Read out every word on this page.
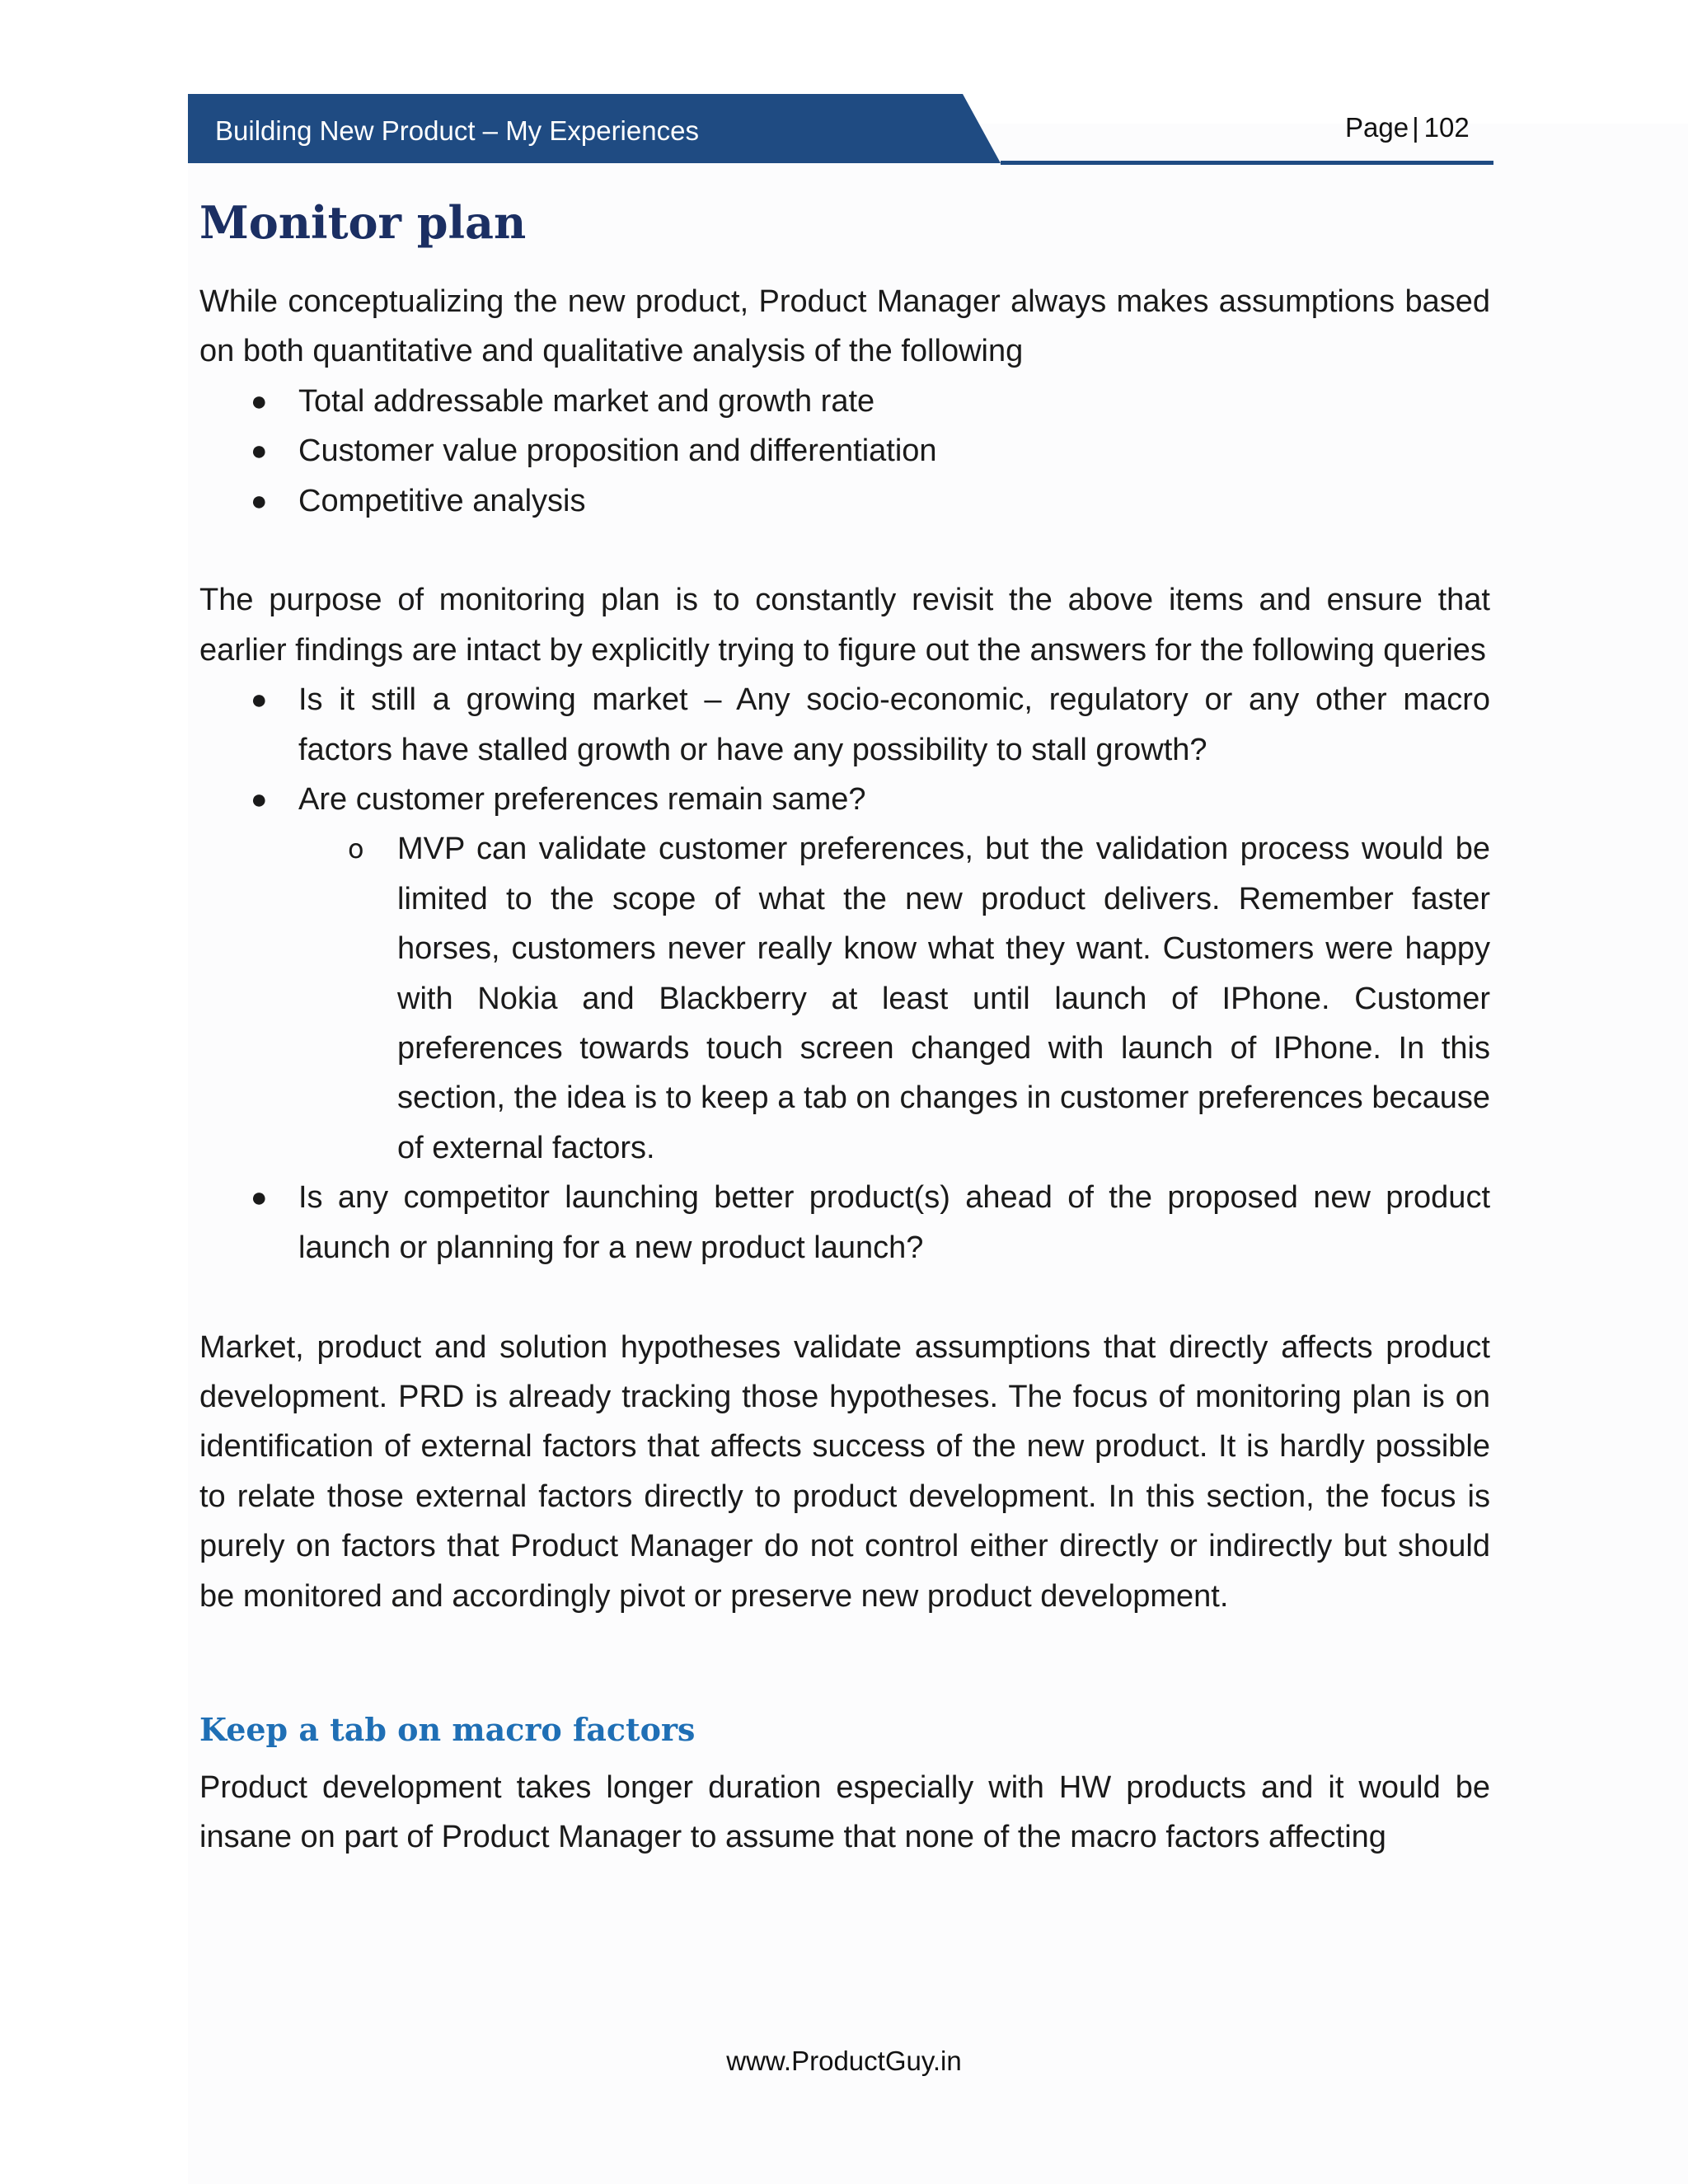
Building New Product – My Experiences	Page | 102
Monitor plan

While conceptualizing the new product, Product Manager always makes assumptions based on both quantitative and qualitative analysis of the following

● Total addressable market and growth rate
● Customer value proposition and differentiation
● Competitive analysis

The purpose of monitoring plan is to constantly revisit the above items and ensure that earlier findings are intact by explicitly trying to figure out the answers for the following queries

● Is it still a growing market – Any socio-economic, regulatory or any other macro factors have stalled growth or have any possibility to stall growth?
● Are customer preferences remain same?
o MVP can validate customer preferences, but the validation process would be limited to the scope of what the new product delivers. Remember faster horses, customers never really know what they want. Customers were happy with Nokia and Blackberry at least until launch of IPhone. Customer preferences towards touch screen changed with launch of IPhone. In this section, the idea is to keep a tab on changes in customer preferences because of external factors.
● Is any competitor launching better product(s) ahead of the proposed new product launch or planning for a new product launch?

Market, product and solution hypotheses validate assumptions that directly affects product development. PRD is already tracking those hypotheses. The focus of monitoring plan is on identification of external factors that affects success of the new product. It is hardly possible to relate those external factors directly to product development. In this section, the focus is purely on factors that Product Manager do not control either directly or indirectly but should be monitored and accordingly pivot or preserve new product development.

Keep a tab on macro factors

Product development takes longer duration especially with HW products and it would be insane on part of Product Manager to assume that none of the macro factors affecting

www.ProductGuy.in
